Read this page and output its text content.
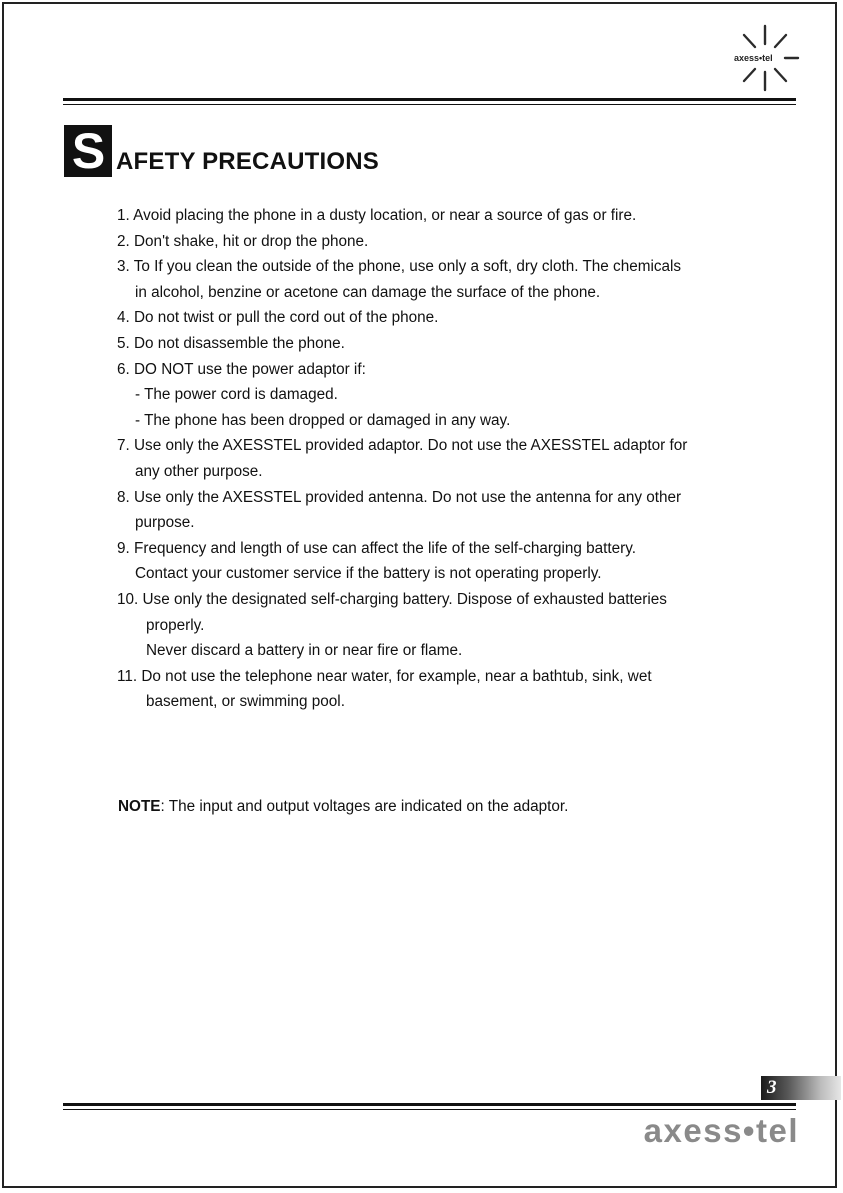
axess•tel
S AFETY PRECAUTIONS
1. Avoid placing the phone in a dusty location, or near a source of gas or fire.
2. Don't shake, hit or drop the phone.
3. To If you clean the outside of the phone, use only a soft, dry cloth. The chemicals
in alcohol, benzine or acetone can damage the surface of the phone.
4. Do not twist or pull the cord out of the phone.
5. Do not disassemble the phone.
6. DO NOT use the power adaptor if:
- The power cord is damaged.
- The phone has been dropped or damaged in any way.
7. Use only the AXESSTEL provided adaptor. Do not use the AXESSTEL adaptor for
any other purpose.
8. Use only the AXESSTEL provided antenna. Do not use the antenna for any other
purpose.
9. Frequency and length of use can affect the life of the self-charging battery.
Contact your customer service if the battery is not operating properly.
10. Use only the designated self-charging battery. Dispose of exhausted batteries
properly.
Never discard a battery in or near fire or flame.
11. Do not use the telephone near water, for example, near a bathtub, sink, wet
basement, or swimming pool.
NOTE: The input and output voltages are indicated on the adaptor.
3
axess•tel
